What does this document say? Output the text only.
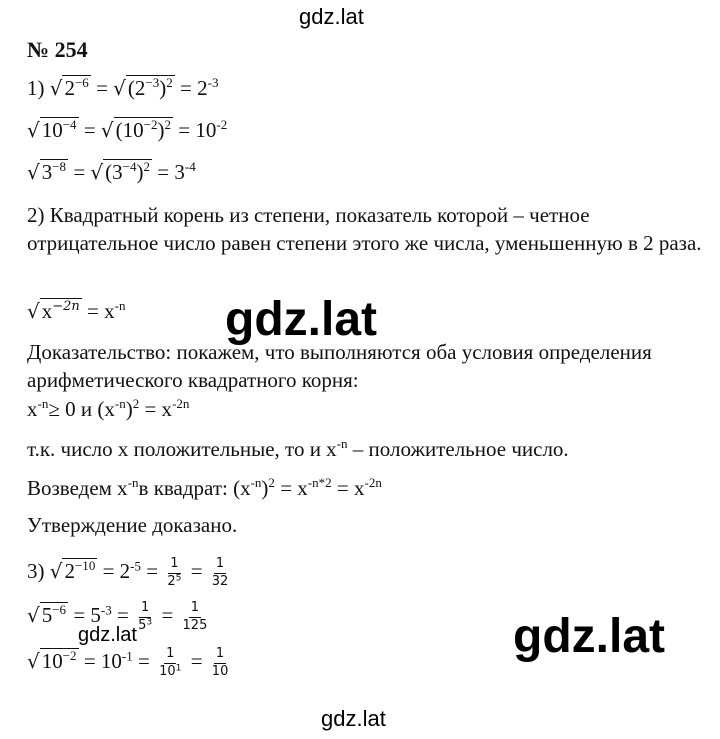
gdz.lat
gdz.lat
gdz.lat	gdz.lat
gdz.lat
№ 254
1) $√2^{-6} = √(2^{-3})^2 = 2^{-3}$
$√10^{-4} = √(10^{-2})^2 = 10^{-2}$
$√3^{-8} = √(3^{-4})^2 = 3^{-4}$
2) Квадратный корень из степени, показатель которой – четное отрицательное число равен степени этого же числа, уменьшенную в 2 раза.
$√x^{-2n} = x^{-n}$
Доказательство: покажем, что выполняются оба условия определения арифметического квадратного корня:
$x^{-n}\ge 0$ и $(x^{-n})^2 = x^{-2n}$
т.к. число x положительные, то и $x^{-n}$ – положительное число.
Возведем $x^{-n}в$ квадрат: $(x^{-n})^2 = x^{-n*2} = x^{-2n}$
Утверждение доказано.
3) $√2^{-10} = 2^{-5} = \frac{1}{2^5} = \frac{1}{32}$
$√5^{-6} = 5^{-3} = \frac{1}{5^3} = \frac{1}{125}$
$√10^{-2} = 10^{-1} = \frac{1}{10^1} = \frac{1}{10}$
